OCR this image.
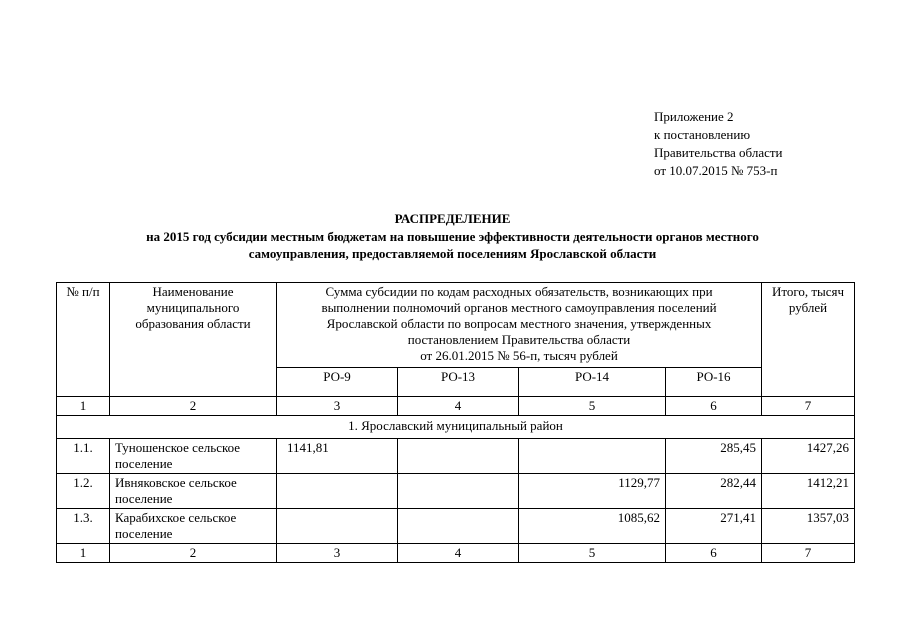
Приложение 2
к постановлению
Правительства области
от 10.07.2015 № 753-п
РАСПРЕДЕЛЕНИЕ
на 2015 год субсидии местным бюджетам на повышение эффективности деятельности органов местного
самоуправления, предоставляемой поселениям Ярославской области
№ п/п	Наименование муниципального образования области	Сумма субсидии по кодам расходных обязательств, возникающих при
выполнении полномочий органов местного самоуправления поселений
Ярославской области по вопросам местного значения, утвержденных
постановлением Правительства области
от 26.01.2015 № 56-п, тысяч рублей				Итого, тысяч рублей
		РО-9	РО-13	РО-14	РО-16	
1	2	3	4	5	6	7
1. Ярославский муниципальный район						
1.1.	Туношенское сельское поселение	1141,81			285,45	1427,26
1.2.	Ивняковское сельское поселение			1129,77	282,44	1412,21
1.3.	Карабихское сельское поселение			1085,62	271,41	1357,03
1	2	3	4	5	6	7
